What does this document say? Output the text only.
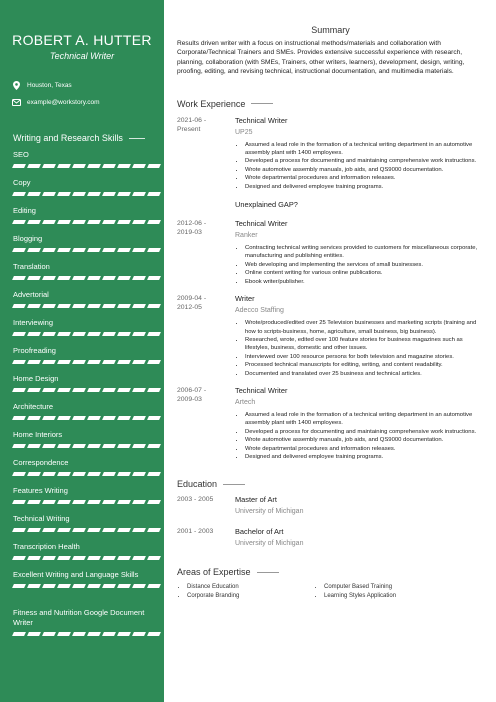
ROBERT A. HUTTER
Technical Writer
Houston, Texas
example@workstory.com
Writing and Research Skills
SEO
Copy
Editing
Blogging
Translation
Advertorial
Interviewing
Proofreading
Home Design
Architecture
Home Interiors
Correspondence
Features Writing
Technical Writing
Transcription Health
Excellent Writing and Language Skills
Fitness and Nutrition Google Document Writer
Summary
Results driven writer with a focus on instructional methods/materials and collaboration with Corporate/Technical Trainers and SMEs. Provides extensive successful experience with research, planning, collaboration (with SMEs, Trainers, other writers, learners), development, design, writing, proofing, editing, and revising technical, instructional documentation, and multimedia materials.
Work Experience
2021-06 -
Present
Technical Writer
UP25
• Assumed a lead role in the formation of a technical writing department in an automotive assembly plant with 1400 employees.
• Developed a process for documenting and maintaining comprehensive work instructions.
• Wrote automotive assembly manuals, job aids, and QS9000 documentation.
• Wrote departmental procedures and information releases.
• Designed and delivered employee training programs.
Unexplained GAP?
2012-06 -
2019-03
Technical Writer
Ranker
• Contracting technical writing services provided to customers for miscellaneous corporate, manufacturing and publishing entities.
• Web developing and implementing the services of small businesses.
• Online content writing for various online publications.
• Ebook writer/publisher.
2009-04 -
2012-05
Writer
Adecco Staffing
• Wrote/produced/edited over 25 Television businesses and marketing scripts (training and how to scripts-business, home, agriculture, small business, big business).
• Researched, wrote, edited over 100 feature stories for business magazines such as lifestyles, business, domestic and other issues.
• Interviewed over 100 resource persons for both television and magazine stories.
• Processed technical manuscripts for editing, writing, and content readability.
• Documented and translated over 25 business and technical articles.
2006-07 -
2009-03
Technical Writer
Artech
• Assumed a lead role in the formation of a technical writing department in an automotive assembly plant with 1400 employees.
• Developed a process for documenting and maintaining comprehensive work instructions.
• Wrote automotive assembly manuals, job aids, and QS9000 documentation.
• Wrote departmental procedures and information releases.
• Designed and delivered employee training programs.
Education
2003 - 2005	Master of Art
University of Michigan
2001 - 2003	Bachelor of Art
University of Michigan
Areas of Expertise
• Distance Education
• Corporate Branding
• Computer Based Training
• Learning Styles Application
